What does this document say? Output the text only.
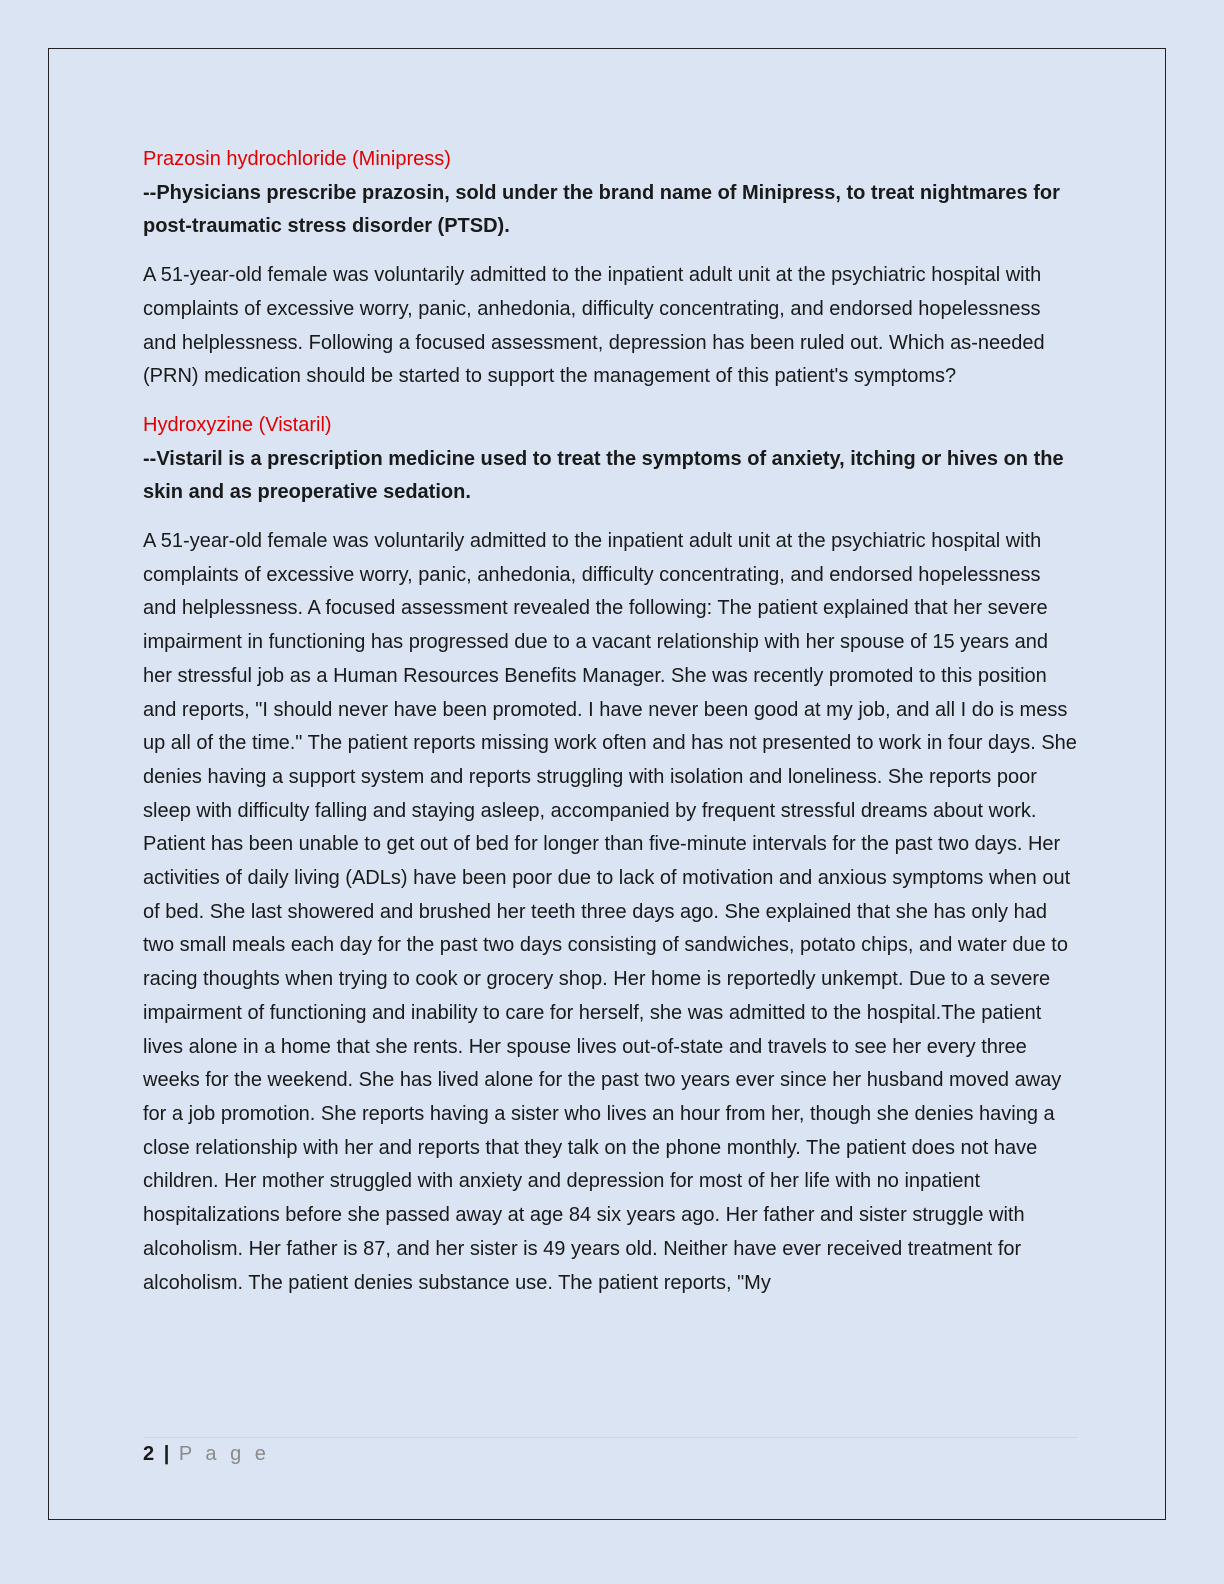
Prazosin hydrochloride (Minipress)

--Physicians prescribe prazosin, sold under the brand name of Minipress, to treat nightmares for post-traumatic stress disorder (PTSD).

A 51-year-old female was voluntarily admitted to the inpatient adult unit at the psychiatric hospital with complaints of excessive worry, panic, anhedonia, difficulty concentrating, and endorsed hopelessness and helplessness. Following a focused assessment, depression has been ruled out. Which as-needed (PRN) medication should be started to support the management of this patient's symptoms?

Hydroxyzine (Vistaril)

--Vistaril is a prescription medicine used to treat the symptoms of anxiety, itching or hives on the skin and as preoperative sedation.

A 51-year-old female was voluntarily admitted to the inpatient adult unit at the psychiatric hospital with complaints of excessive worry, panic, anhedonia, difficulty concentrating, and endorsed hopelessness and helplessness. A focused assessment revealed the following: The patient explained that her severe impairment in functioning has progressed due to a vacant relationship with her spouse of 15 years and her stressful job as a Human Resources Benefits Manager. She was recently promoted to this position and reports, "I should never have been promoted. I have never been good at my job, and all I do is mess up all of the time." The patient reports missing work often and has not presented to work in four days. She denies having a support system and reports struggling with isolation and loneliness. She reports poor sleep with difficulty falling and staying asleep, accompanied by frequent stressful dreams about work. Patient has been unable to get out of bed for longer than five-minute intervals for the past two days. Her activities of daily living (ADLs) have been poor due to lack of motivation and anxious symptoms when out of bed. She last showered and brushed her teeth three days ago. She explained that she has only had two small meals each day for the past two days consisting of sandwiches, potato chips, and water due to racing thoughts when trying to cook or grocery shop. Her home is reportedly unkempt. Due to a severe impairment of functioning and inability to care for herself, she was admitted to the hospital.The patient lives alone in a home that she rents. Her spouse lives out-of-state and travels to see her every three weeks for the weekend. She has lived alone for the past two years ever since her husband moved away for a job promotion. She reports having a sister who lives an hour from her, though she denies having a close relationship with her and reports that they talk on the phone monthly. The patient does not have children. Her mother struggled with anxiety and depression for most of her life with no inpatient hospitalizations before she passed away at age 84 six years ago. Her father and sister struggle with alcoholism. Her father is 87, and her sister is 49 years old. Neither have ever received treatment for alcoholism. The patient denies substance use. The patient reports, "My

2 | P a g e
